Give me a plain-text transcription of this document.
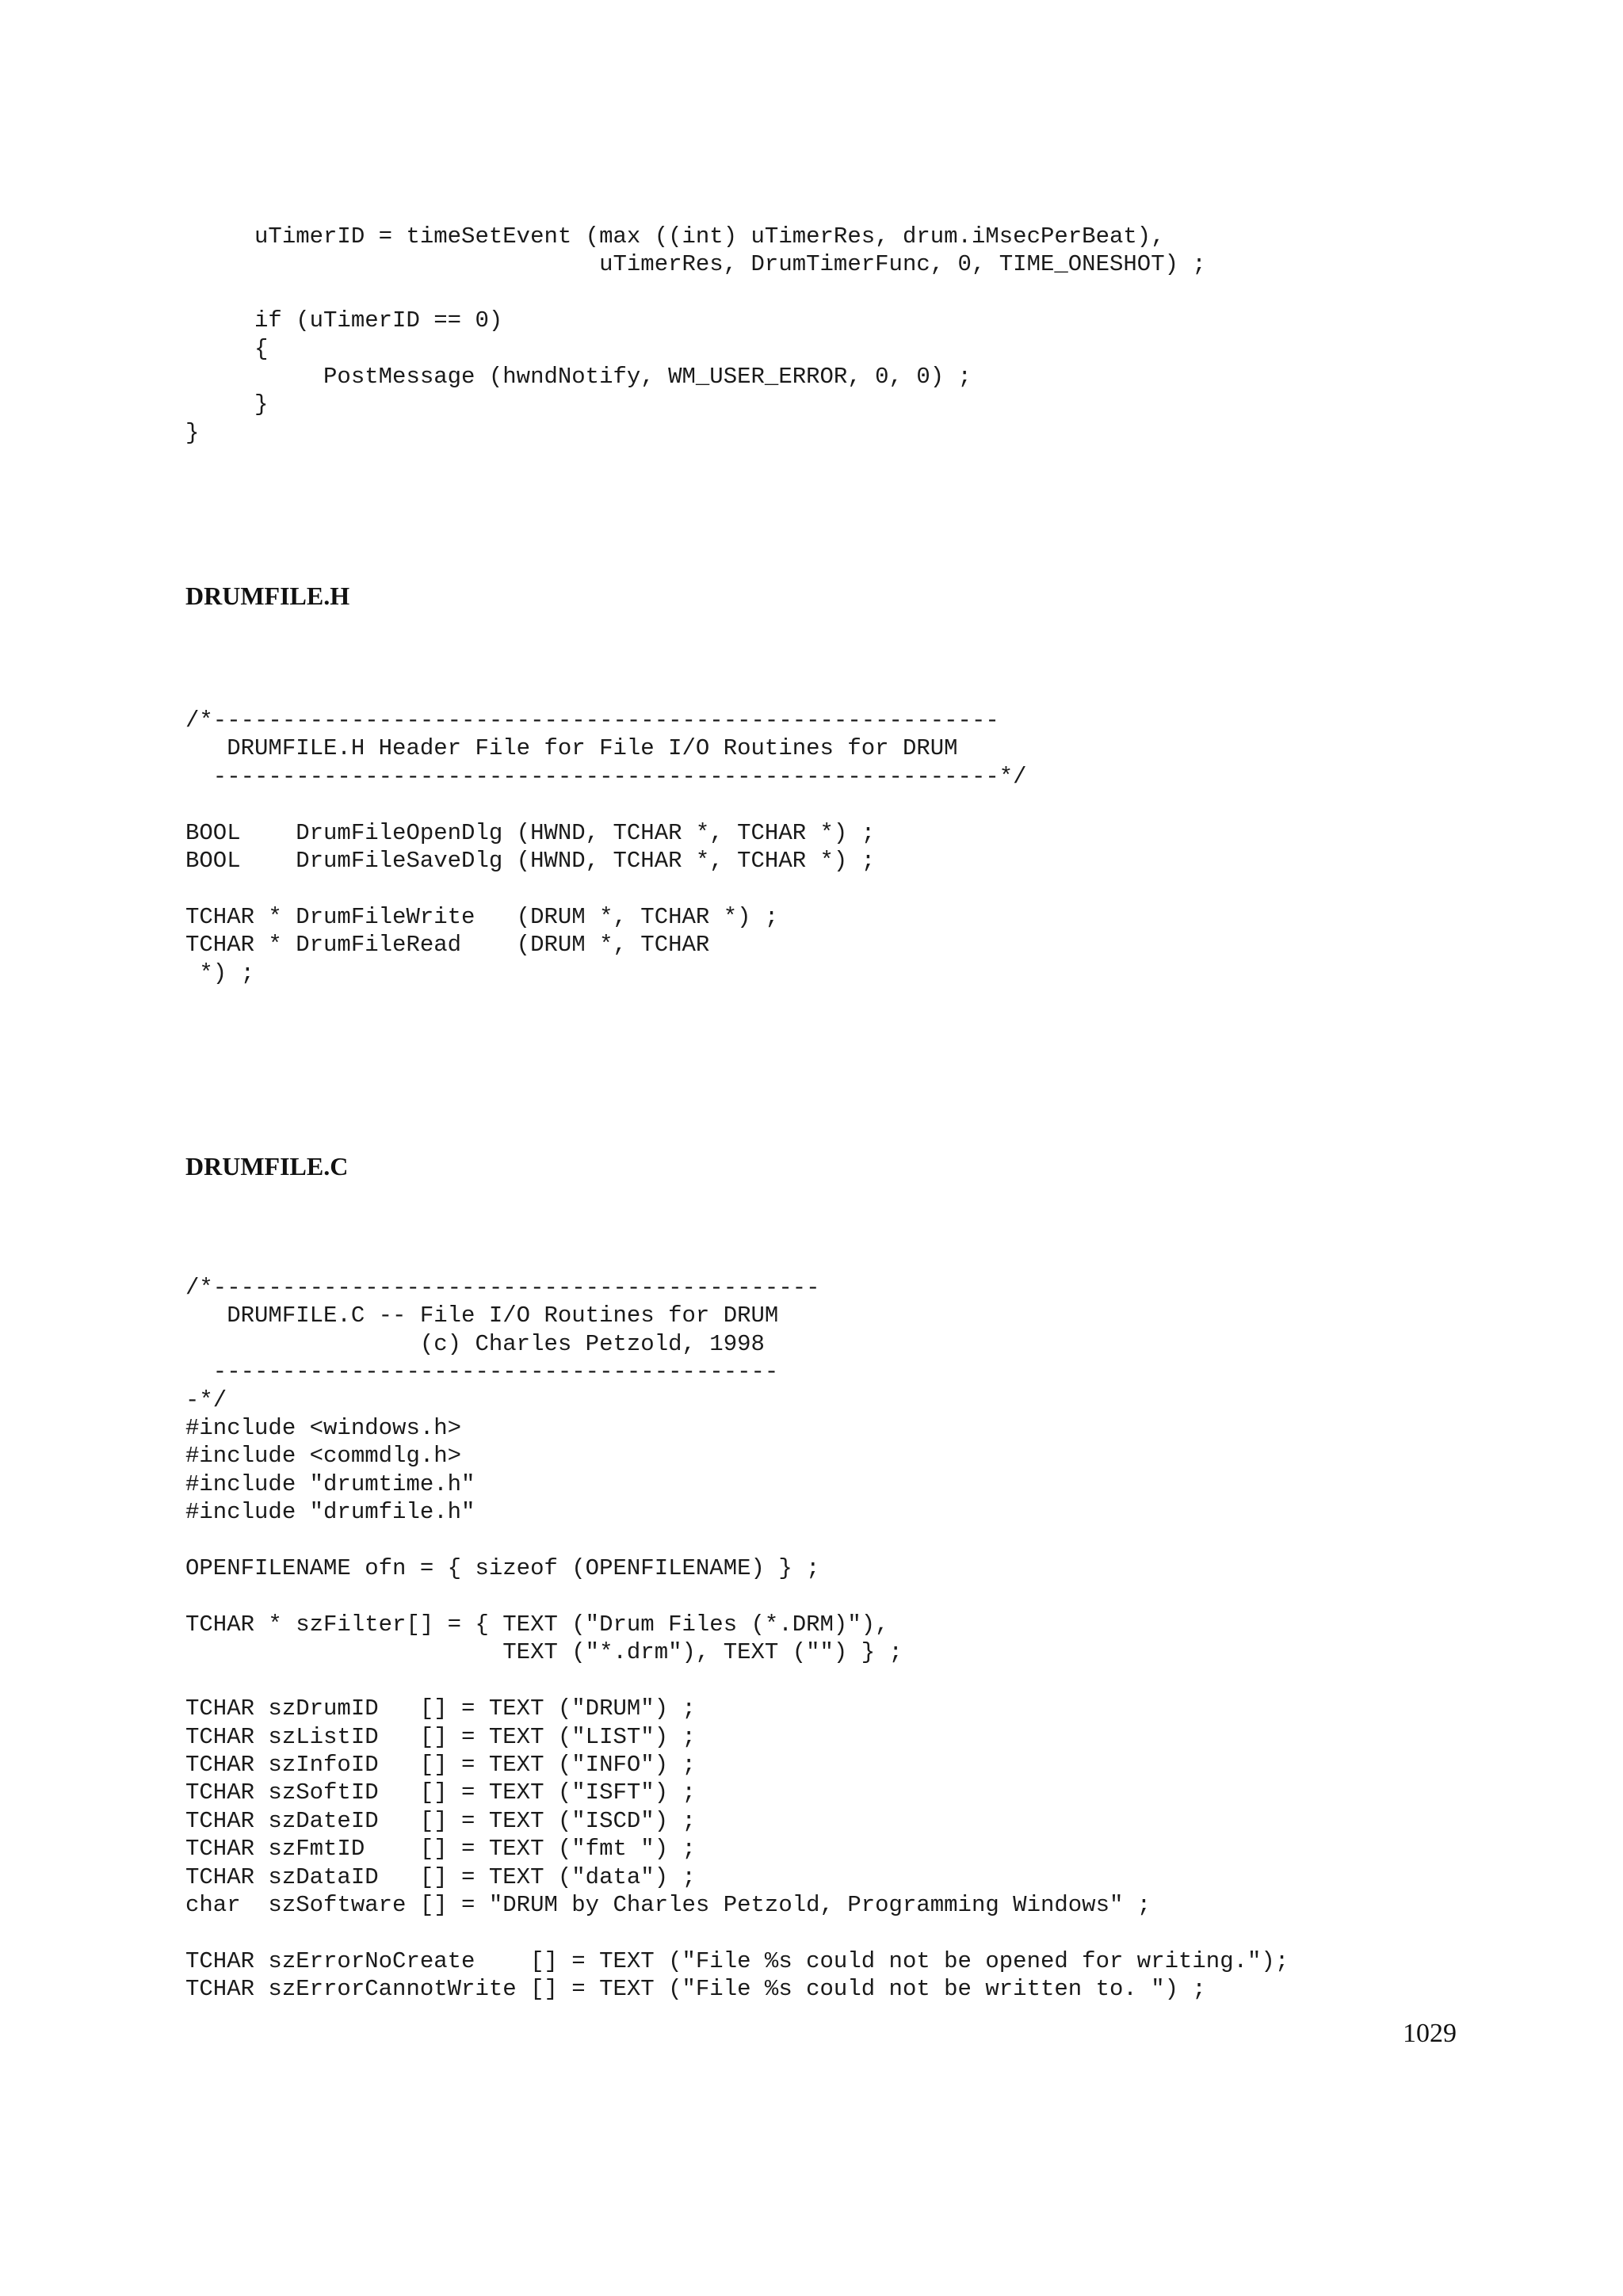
uTimerID = timeSetEvent (max ((int) uTimerRes, drum.iMsecPerBeat),
uTimerRes, DrumTimerFunc, 0, TIME_ONESHOT) ;

if (uTimerID == 0)
{
PostMessage (hwndNotify, WM_USER_ERROR, 0, 0) ;
}
}
DRUMFILE.H
/*---------------------------------------------------------
DRUMFILE.H Header File for File I/O Routines for DRUM
---------------------------------------------------------*/

BOOL    DrumFileOpenDlg (HWND, TCHAR *, TCHAR *) ;
BOOL    DrumFileSaveDlg (HWND, TCHAR *, TCHAR *) ;

TCHAR * DrumFileWrite   (DRUM *, TCHAR *) ;
TCHAR * DrumFileRead    (DRUM *, TCHAR
*) ;
DRUMFILE.C
/*--------------------------------------------
DRUMFILE.C -- File I/O Routines for DRUM
(c) Charles Petzold, 1998
-----------------------------------------
-*/
#include <windows.h>
#include <commdlg.h>
#include "drumtime.h"
#include "drumfile.h"

OPENFILENAME ofn = { sizeof (OPENFILENAME) } ;

TCHAR * szFilter[] = { TEXT ("Drum Files (*.DRM)"),
TEXT ("*.drm"), TEXT ("") } ;

TCHAR szDrumID   [] = TEXT ("DRUM") ;
TCHAR szListID   [] = TEXT ("LIST") ;
TCHAR szInfoID   [] = TEXT ("INFO") ;
TCHAR szSoftID   [] = TEXT ("ISFT") ;
TCHAR szDateID   [] = TEXT ("ISCD") ;
TCHAR szFmtID    [] = TEXT ("fmt ") ;
TCHAR szDataID   [] = TEXT ("data") ;
char  szSoftware [] = "DRUM by Charles Petzold, Programming Windows" ;

TCHAR szErrorNoCreate    [] = TEXT ("File %s could not be opened for writing.");
TCHAR szErrorCannotWrite [] = TEXT ("File %s could not be written to. ") ;
1029
